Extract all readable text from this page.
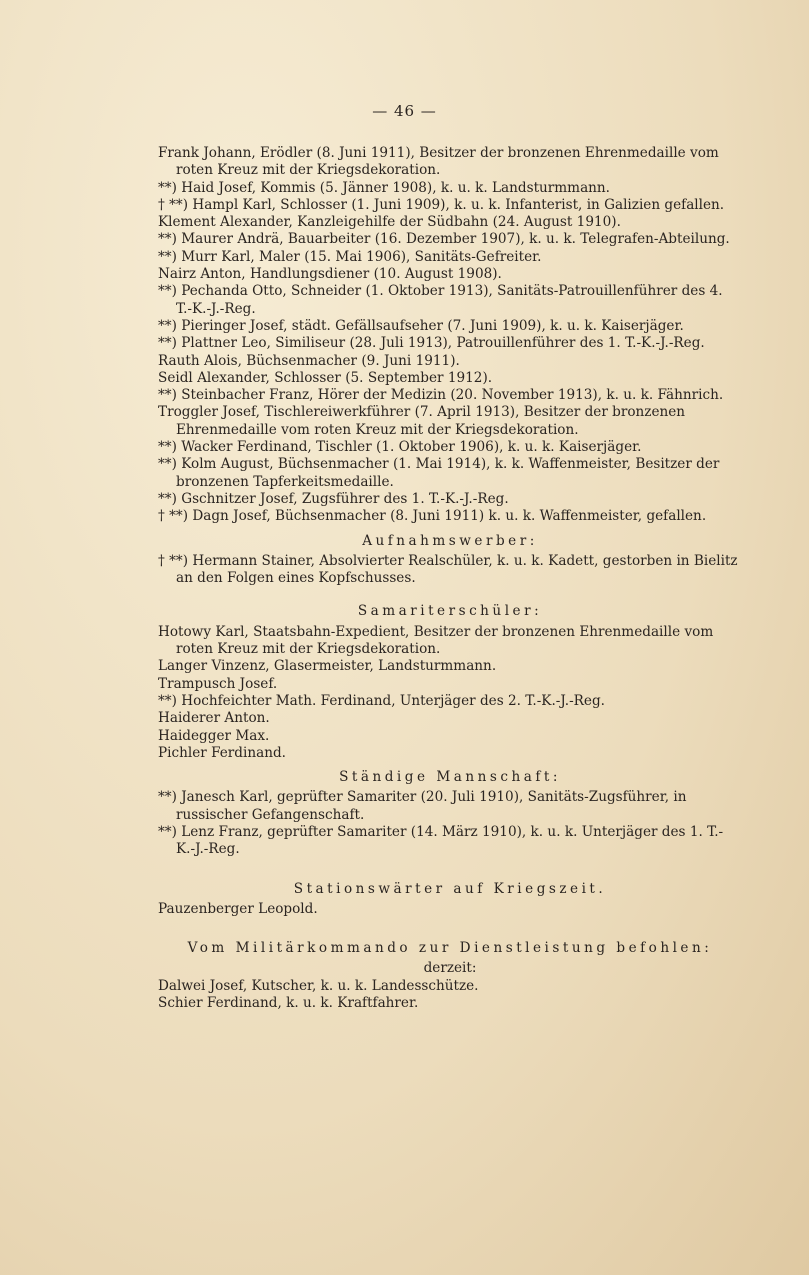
— 46 —
Frank Johann, Erödler (8. Juni 1911), Besitzer der bronzenen Ehrenmedaille vom roten Kreuz mit der Kriegsdekoration.
**) Haid Josef, Kommis (5. Jänner 1908), k. u. k. Landsturmmann.
† **) Hampl Karl, Schlosser (1. Juni 1909), k. u. k. Infanterist, in Galizien gefallen.
Klement Alexander, Kanzleigehilfe der Südbahn (24. August 1910).
**) Maurer Andrä, Bauarbeiter (16. Dezember 1907), k. u. k. Telegrafen-Abteilung.
**) Murr Karl, Maler (15. Mai 1906), Sanitäts-Gefreiter.
Nairz Anton, Handlungsdiener (10. August 1908).
**) Pechanda Otto, Schneider (1. Oktober 1913), Sanitäts-Patrouillenführer des 4. T.-K.-J.-Reg.
**) Pieringer Josef, städt. Gefällsaufseher (7. Juni 1909), k. u. k. Kaiserjäger.
**) Plattner Leo, Similiseur (28. Juli 1913), Patrouillenführer des 1. T.-K.-J.-Reg.
Rauth Alois, Büchsenmacher (9. Juni 1911).
Seidl Alexander, Schlosser (5. September 1912).
**) Steinbacher Franz, Hörer der Medizin (20. November 1913), k. u. k. Fähnrich.
Troggler Josef, Tischlereiwerkführer (7. April 1913), Besitzer der bronzenen Ehrenmedaille vom roten Kreuz mit der Kriegsdekoration.
**) Wacker Ferdinand, Tischler (1. Oktober 1906), k. u. k. Kaiserjäger.
**) Kolm August, Büchsenmacher (1. Mai 1914), k. k. Waffenmeister, Besitzer der bronzenen Tapferkeitsmedaille.
**) Gschnitzer Josef, Zugsführer des 1. T.-K.-J.-Reg.
† **) Dagn Josef, Büchsenmacher (8. Juni 1911) k. u. k. Waffenmeister, gefallen.
Aufnahmswerber:
† **) Hermann Stainer, Absolvierter Realschüler, k. u. k. Kadett, gestorben in Bielitz an den Folgen eines Kopfschusses.
Samariterschüler:
Hotowy Karl, Staatsbahn-Expedient, Besitzer der bronzenen Ehrenmedaille vom roten Kreuz mit der Kriegsdekoration.
Langer Vinzenz, Glasermeister, Landsturmmann.
Trampusch Josef.
**) Hochfeichter Math. Ferdinand, Unterjäger des 2. T.-K.-J.-Reg.
Haiderer Anton.
Haidegger Max.
Pichler Ferdinand.
Ständige Mannschaft:
**) Janesch Karl, geprüfter Samariter (20. Juli 1910), Sanitäts-Zugsführer, in russischer Gefangenschaft.
**) Lenz Franz, geprüfter Samariter (14. März 1910), k. u. k. Unterjäger des 1. T.-K.-J.-Reg.
Stationswärter auf Kriegszeit.
Pauzenberger Leopold.
Vom Militärkommando zur Dienstleistung befohlen:
derzeit:
Dalwei Josef, Kutscher, k. u. k. Landesschütze.
Schier Ferdinand, k. u. k. Kraftfahrer.
